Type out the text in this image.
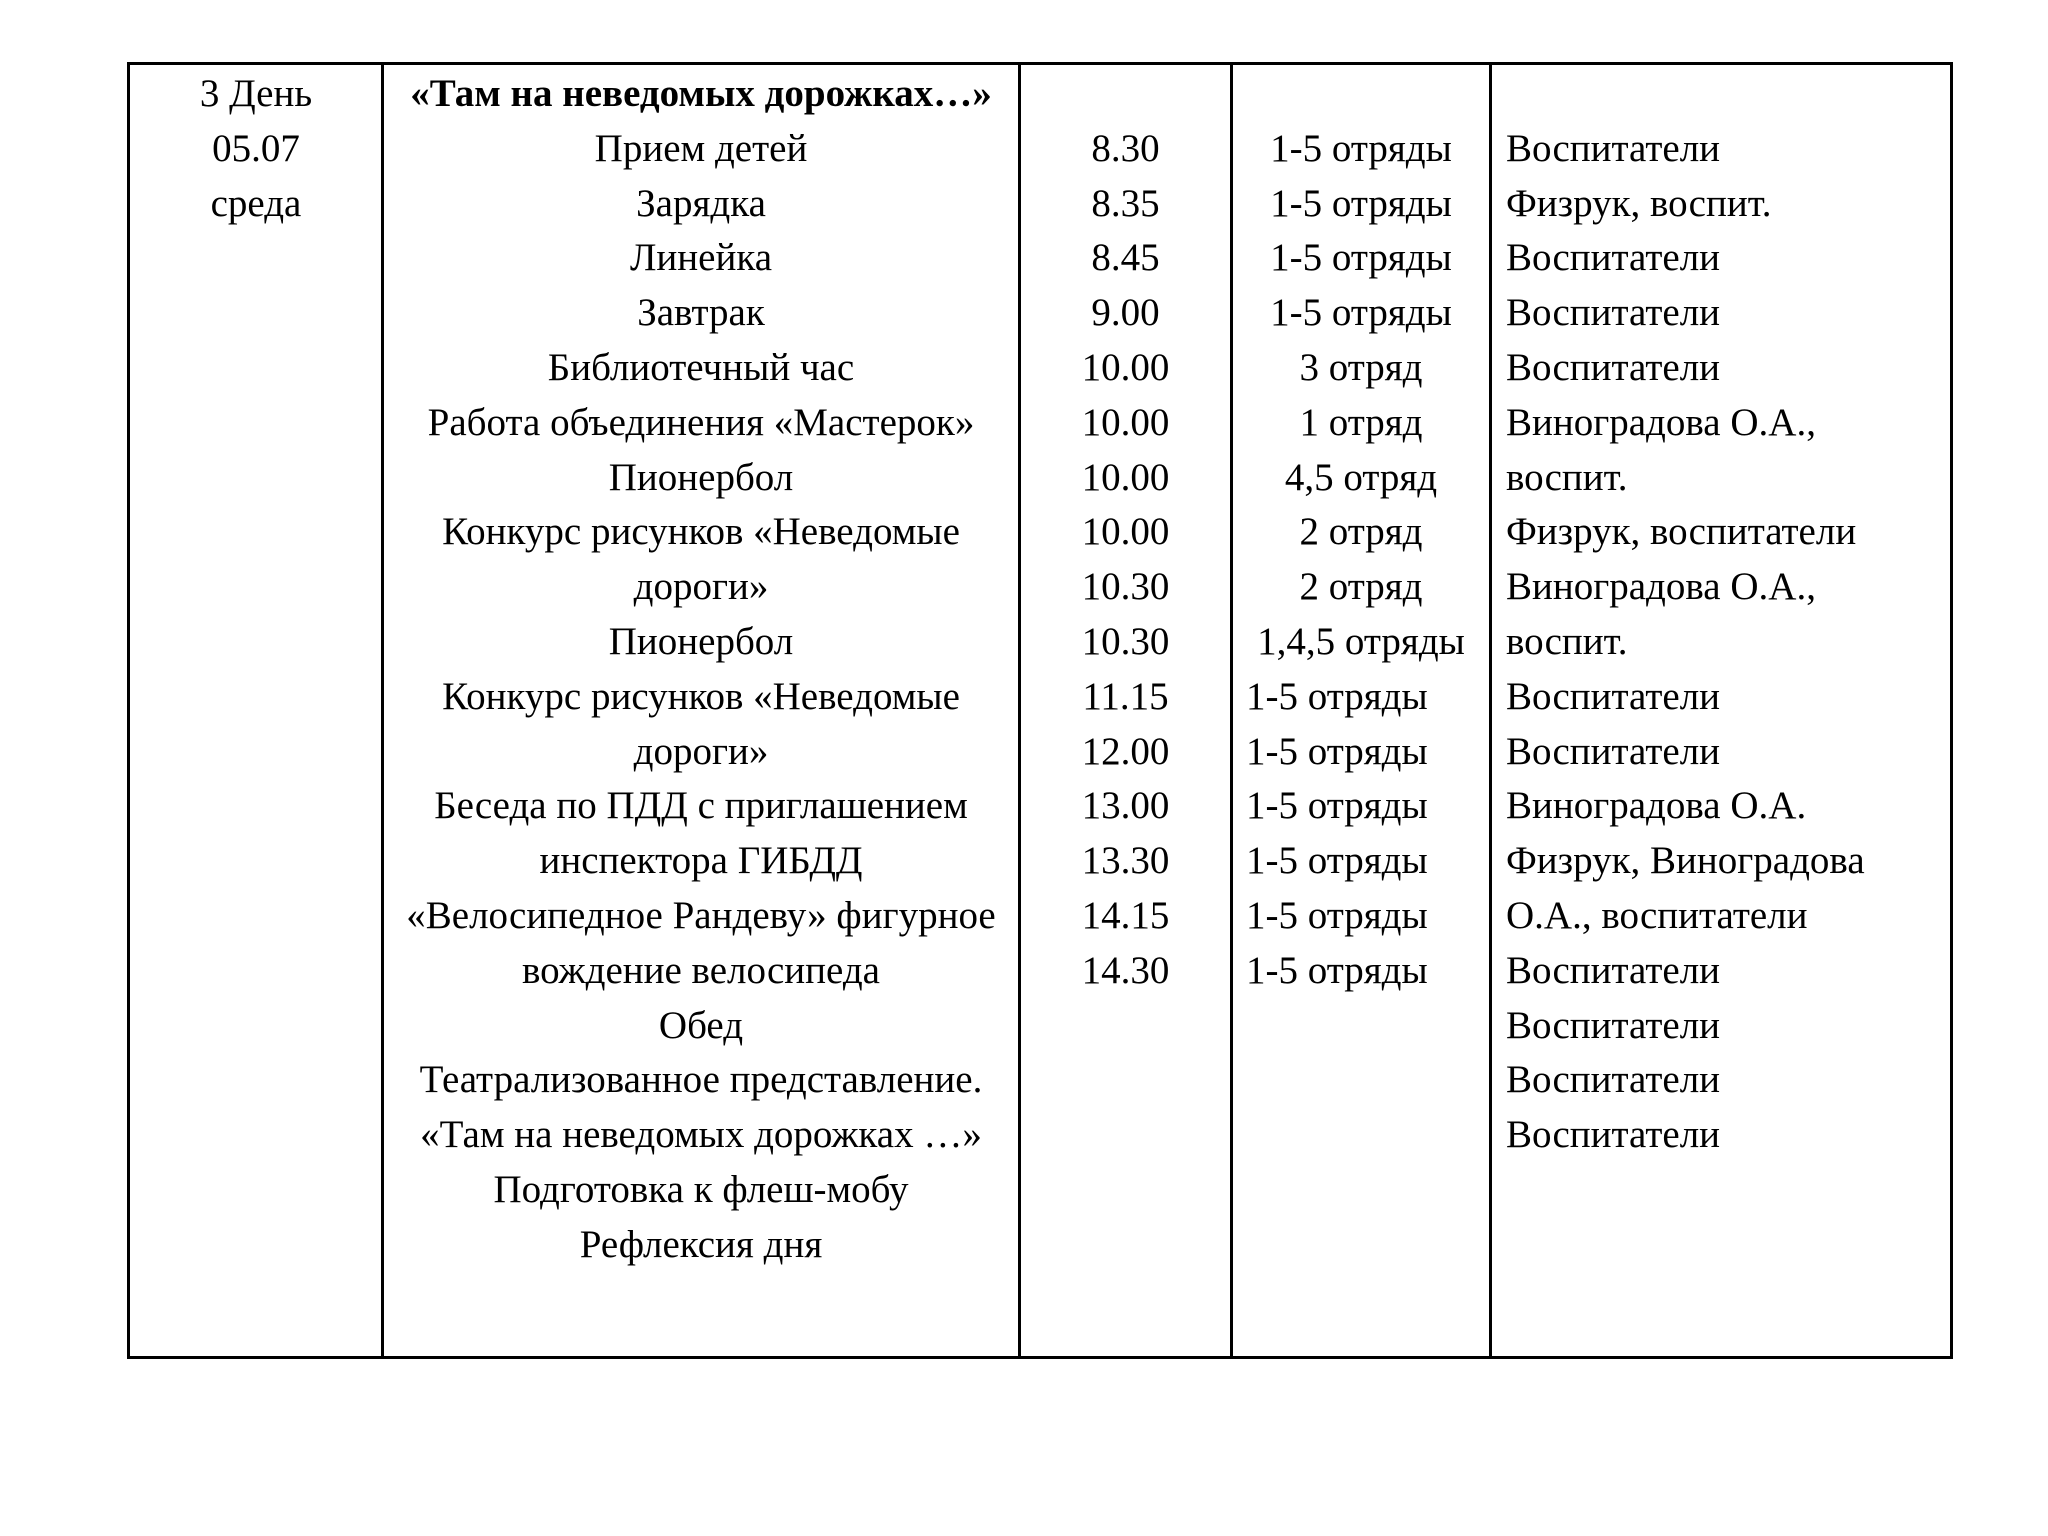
3 День
05.07
среда
«Там на неведомых дорожках…»
Прием детей
Зарядка
Линейка
Завтрак
Библиотечный час
Работа объединения «Мастерок»
Пионербол
Конкурс рисунков «Неведомые
дороги»
Пионербол
Конкурс рисунков «Неведомые
дороги»
Беседа по ПДД с приглашением
инспектора ГИБДД
«Велосипедное Рандеву» фигурное
вождение велосипеда
Обед
Театрализованное представление.
«Там на неведомых дорожках …»
Подготовка к флеш-мобу
Рефлексия дня
8.30
8.35
8.45
9.00
10.00
10.00
10.00
10.00
10.30
10.30
11.15
12.00
13.00
13.30
14.15
14.30
1-5 отряды
1-5 отряды
1-5 отряды
1-5 отряды
3 отряд
1 отряд
4,5 отряд
2 отряд
2 отряд
1,4,5 отряды
1-5 отряды
1-5 отряды
1-5 отряды
1-5 отряды
1-5 отряды
1-5 отряды
Воспитатели
Физрук, воспит.
Воспитатели
Воспитатели
Воспитатели
Виноградова О.А.,
воспит.
Физрук, воспитатели
Виноградова О.А.,
воспит.
Воспитатели
Воспитатели
Виноградова О.А.
Физрук, Виноградова
О.А., воспитатели
Воспитатели
Воспитатели
Воспитатели
Воспитатели
